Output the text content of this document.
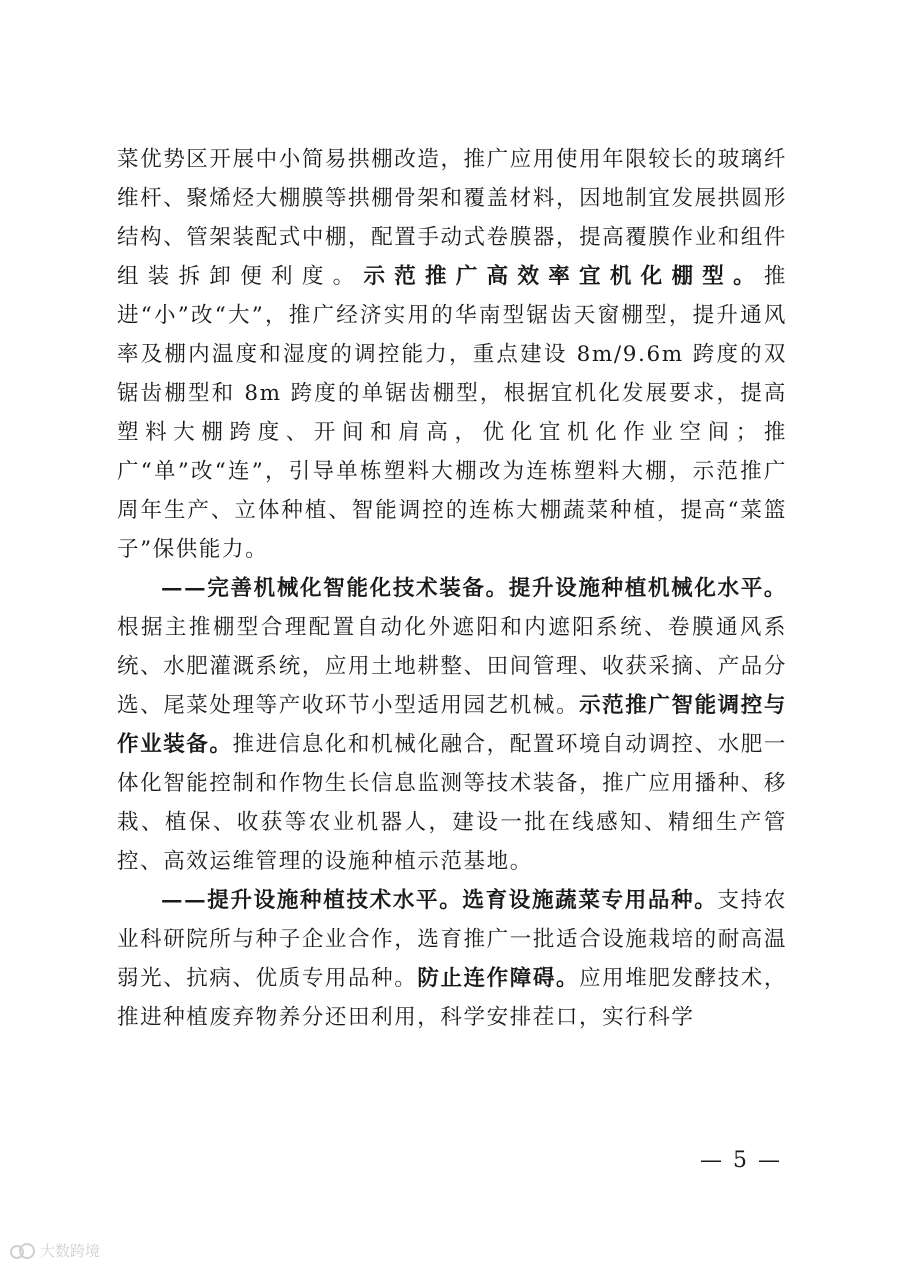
菜优势区开展中小简易拱棚改造，推广应用使用年限较长的玻璃纤维杆、聚烯烃大棚膜等拱棚骨架和覆盖材料，因地制宜发展拱圆形结构、管架装配式中棚，配置手动式卷膜器，提高覆膜作业和组件组装拆卸便利度。示范推广高效率宜机化棚型。推进“小”改“大”，推广经济实用的华南型锯齿天窗棚型，提升通风率及棚内温度和湿度的调控能力，重点建设 8m/9.6m 跨度的双锯齿棚型和 8m 跨度的单锯齿棚型，根据宜机化发展要求，提高塑料大棚跨度、开间和肩高，优化宜机化作业空间；推广“单”改“连”，引导单栋塑料大棚改为连栋塑料大棚，示范推广周年生产、立体种植、智能调控的连栋大棚蔬菜种植，提高“菜篮子”保供能力。

——完善机械化智能化技术装备。提升设施种植机械化水平。根据主推棚型合理配置自动化外遮阳和内遮阳系统、卷膜通风系统、水肥灌溉系统，应用土地耕整、田间管理、收获采摘、产品分选、尾菜处理等产收环节小型适用园艺机械。示范推广智能调控与作业装备。推进信息化和机械化融合，配置环境自动调控、水肥一体化智能控制和作物生长信息监测等技术装备，推广应用播种、移栽、植保、收获等农业机器人，建设一批在线感知、精细生产管控、高效运维管理的设施种植示范基地。

——提升设施种植技术水平。选育设施蔬菜专用品种。支持农业科研院所与种子企业合作，选育推广一批适合设施栽培的耐高温弱光、抗病、优质专用品种。防止连作障碍。应用堆肥发酵技术，推进种植废弃物养分还田利用，科学安排茬口，实行科学

— 5 —
大数跨境
